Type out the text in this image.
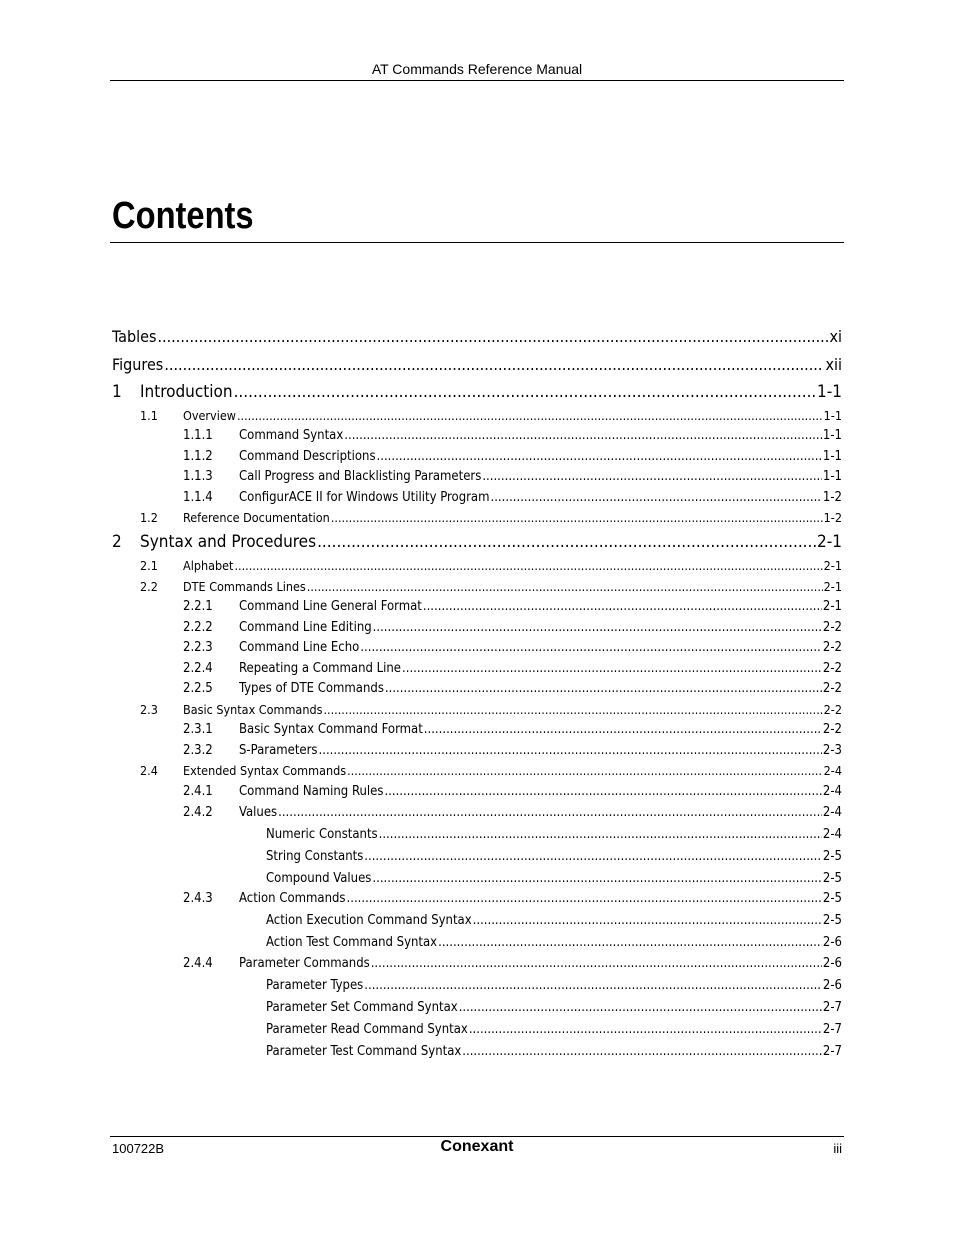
AT Commands Reference Manual
Contents
Tables .....	xi
Figures .....	xii
1	Introduction .....	1-1
1.1	Overview .....	1-1
1.1.1	Command Syntax .....	1-1
1.1.2	Command Descriptions .....	1-1
1.1.3	Call Progress and Blacklisting Parameters .....	1-1
1.1.4	ConfigurACE II for Windows Utility Program .....	1-2
1.2	Reference Documentation .....	1-2
2	Syntax and Procedures .....	2-1
2.1	Alphabet .....	2-1
2.2	DTE Commands Lines .....	2-1
2.2.1	Command Line General Format .....	2-1
2.2.2	Command Line Editing .....	2-2
2.2.3	Command Line Echo .....	2-2
2.2.4	Repeating a Command Line .....	2-2
2.2.5	Types of DTE Commands .....	2-2
2.3	Basic Syntax Commands .....	2-2
2.3.1	Basic Syntax Command Format .....	2-2
2.3.2	S-Parameters .....	2-3
2.4	Extended Syntax Commands .....	2-4
2.4.1	Command Naming Rules .....	2-4
2.4.2	Values .....	2-4
Numeric Constants .....	2-4
String Constants .....	2-5
Compound Values .....	2-5
2.4.3	Action Commands .....	2-5
Action Execution Command Syntax .....	2-5
Action Test Command Syntax .....	2-6
2.4.4	Parameter Commands .....	2-6
Parameter Types .....	2-6
Parameter Set Command Syntax .....	2-7
Parameter Read Command Syntax .....	2-7
Parameter Test Command Syntax .....	2-7
100722B	Conexant	iii
